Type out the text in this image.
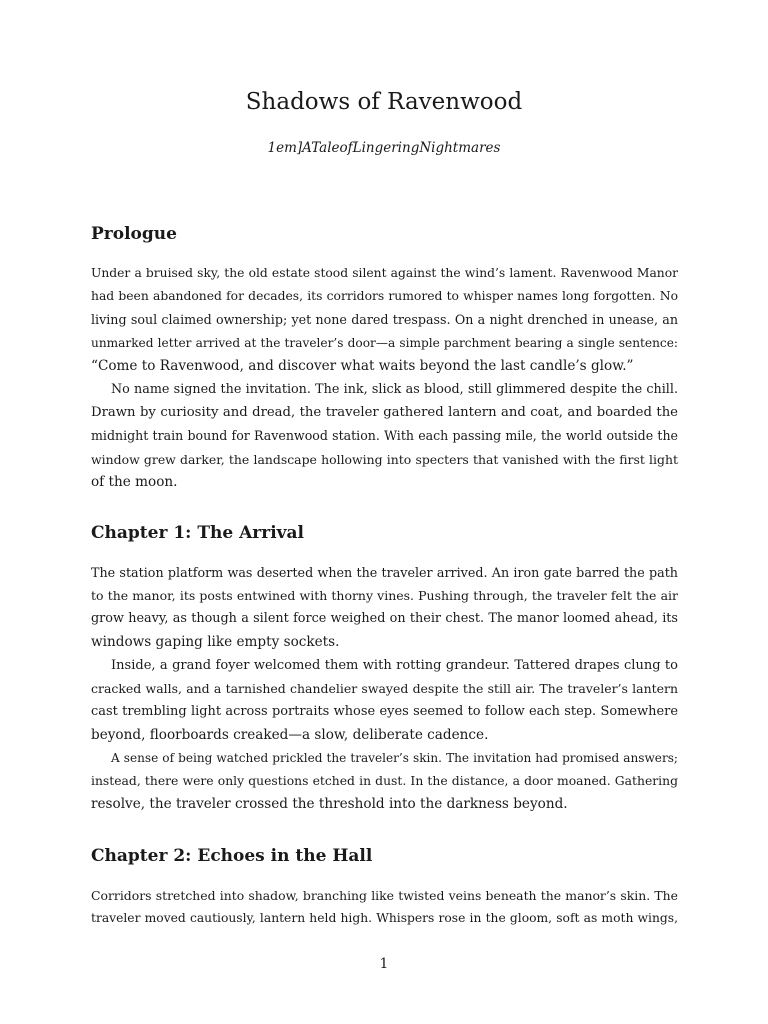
Shadows of Ravenwood

1em]ATaleofLingeringNightmares

Prologue

Under a bruised sky, the old estate stood silent against the wind’s lament. Ravenwood Manor
had been abandoned for decades, its corridors rumored to whisper names long forgotten. No
living soul claimed ownership; yet none dared trespass. On a night drenched in unease, an
unmarked letter arrived at the traveler’s door—a simple parchment bearing a single sentence:
“Come to Ravenwood, and discover what waits beyond the last candle’s glow.”

No name signed the invitation. The ink, slick as blood, still glimmered despite the chill.
Drawn by curiosity and dread, the traveler gathered lantern and coat, and boarded the
midnight train bound for Ravenwood station. With each passing mile, the world outside the
window grew darker, the landscape hollowing into specters that vanished with the first light
of the moon.

Chapter 1: The Arrival

The station platform was deserted when the traveler arrived. An iron gate barred the path
to the manor, its posts entwined with thorny vines. Pushing through, the traveler felt the air
grow heavy, as though a silent force weighed on their chest. The manor loomed ahead, its
windows gaping like empty sockets.

Inside, a grand foyer welcomed them with rotting grandeur. Tattered drapes clung to
cracked walls, and a tarnished chandelier swayed despite the still air. The traveler’s lantern
cast trembling light across portraits whose eyes seemed to follow each step. Somewhere
beyond, floorboards creaked—a slow, deliberate cadence.

A sense of being watched prickled the traveler’s skin. The invitation had promised answers;
instead, there were only questions etched in dust. In the distance, a door moaned. Gathering
resolve, the traveler crossed the threshold into the darkness beyond.

Chapter 2: Echoes in the Hall

Corridors stretched into shadow, branching like twisted veins beneath the manor’s skin. The
traveler moved cautiously, lantern held high. Whispers rose in the gloom, soft as moth wings,

1
